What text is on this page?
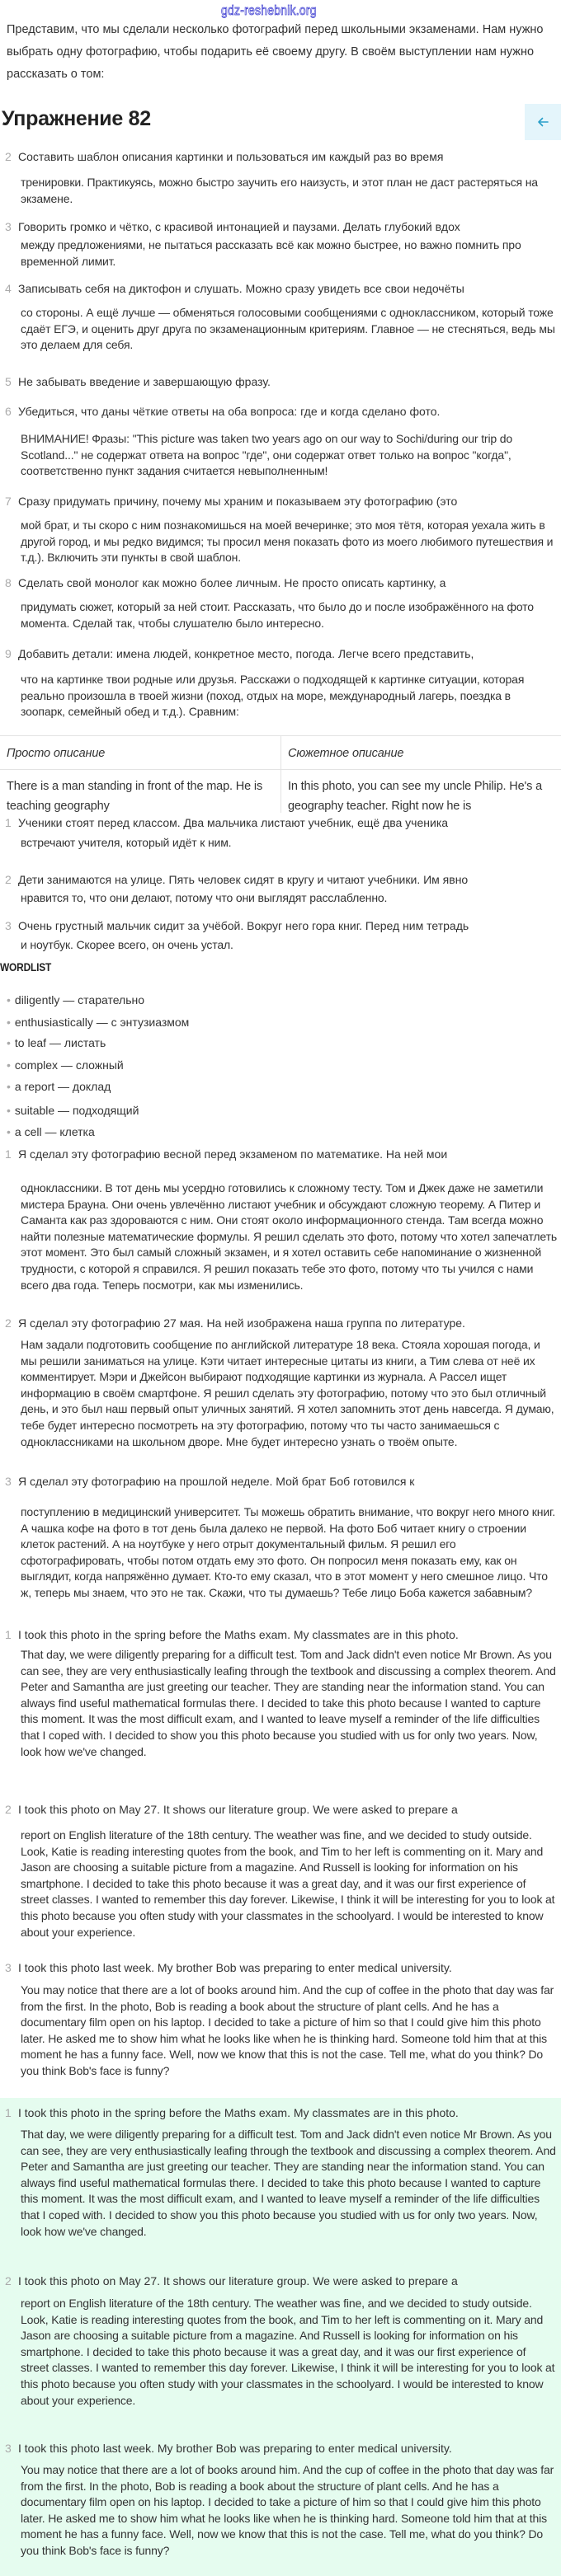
gdz-reshebnik.org
Представим, что мы сделали несколько фотографий перед школьными экзаменами. Нам нужно выбрать одну фотографию, чтобы подарить её своему другу. В своём выступлении нам нужно рассказать о том:
Упражнение 82
2 Составить шаблон описания картинки и пользоваться им каждый раз во время
тренировки. Практикуясь, можно быстро заучить его наизусть, и этот план не даст растеряться на экзамене.
3 Говорить громко и чётко, с красивой интонацией и паузами. Делать глубокий вдох
между предложениями, не пытаться рассказать всё как можно быстрее, но важно помнить про временной лимит.
4 Записывать себя на диктофон и слушать. Можно сразу увидеть все свои недочёты
со стороны. А ещё лучше — обменяться голосовыми сообщениями с одноклассником, который тоже сдаёт ЕГЭ, и оценить друг друга по экзаменационным критериям. Главное — не стесняться, ведь мы это делаем для себя.
5 Не забывать введение и завершающую фразу.
6 Убедиться, что даны чёткие ответы на оба вопроса: где и когда сделано фото.
ВНИМАНИЕ! Фразы: "This picture was taken two years ago on our way to Sochi/during our trip do Scotland..." не содержат ответа на вопрос "где", они содержат ответ только на вопрос "когда", соответственно пункт задания считается невыполненным!
7 Сразу придумать причину, почему мы храним и показываем эту фотографию (это
мой брат, и ты скоро с ним познакомишься на моей вечеринке; это моя тётя, которая уехала жить в другой город, и мы редко видимся; ты просил меня показать фото из моего любимого путешествия и т.д.). Включить эти пункты в свой шаблон.
8 Сделать свой монолог как можно более личным. Не просто описать картинку, а
придумать сюжет, который за ней стоит. Рассказать, что было до и после изображённого на фото момента. Сделай так, чтобы слушателю было интересно.
9 Добавить детали: имена людей, конкретное место, погода. Легче всего представить,
что на картинке твои родные или друзья. Расскажи о подходящей к картинке ситуации, которая реально произошла в твоей жизни (поход, отдых на море, международный лагерь, поездка в зоопарк, семейный обед и т.д.). Сравним:
Просто описание	Сюжетное описание
There is a man standing in front of the map. He is teaching geography
In this photo, you can see my uncle Philip. He's a geography teacher. Right now he is
1 Ученики стоят перед классом. Два мальчика листают учебник, ещё два ученика
встречают учителя, который идёт к ним.
2 Дети занимаются на улице. Пять человек сидят в кругу и читают учебники. Им явно
нравится то, что они делают, потому что они выглядят расслабленно.
3 Очень грустный мальчик сидит за учёбой. Вокруг него гора книг. Перед ним тетрадь
и ноутбук. Скорее всего, он очень устал.
WORDLIST
• diligently — старательно
• enthusiastically — с энтузиазмом
• to leaf — листать
• complex — сложный
• a report — доклад
• suitable — подходящий
• a cell — клетка
1 Я сделал эту фотографию весной перед экзаменом по математике. На ней мои
одноклассники. В тот день мы усердно готовились к сложному тесту. Том и Джек даже не заметили мистера Брауна. Они очень увлечённо листают учебник и обсуждают сложную теорему. А Питер и Саманта как раз здороваются с ним. Они стоят около информационного стенда. Там всегда можно найти полезные математические формулы. Я решил сделать это фото, потому что хотел запечатлеть этот момент. Это был самый сложный экзамен, и я хотел оставить себе напоминание о жизненной трудности, с которой я справился. Я решил показать тебе это фото, потому что ты учился с нами всего два года. Теперь посмотри, как мы изменились.
2 Я сделал эту фотографию 27 мая. На ней изображена наша группа по литературе.
Нам задали подготовить сообщение по английской литературе 18 века. Стояла хорошая погода, и мы решили заниматься на улице. Кэти читает интересные цитаты из книги, а Тим слева от неё их комментирует. Мэри и Джейсон выбирают подходящие картинки из журнала. А Рассел ищет информацию в своём смартфоне. Я решил сделать эту фотографию, потому что это был отличный день, и это был наш первый опыт уличных занятий. Я хотел запомнить этот день навсегда. Я думаю, тебе будет интересно посмотреть на эту фотографию, потому что ты часто занимаешься с одноклассниками на школьном дворе. Мне будет интересно узнать о твоём опыте.
3 Я сделал эту фотографию на прошлой неделе. Мой брат Боб готовился к
поступлению в медицинский университет. Ты можешь обратить внимание, что вокруг него много книг. А чашка кофе на фото в тот день была далеко не первой. На фото Боб читает книгу о строении клеток растений. А на ноутбуке у него отрыт документальный фильм. Я решил его сфотографировать, чтобы потом отдать ему это фото. Он попросил меня показать ему, как он выглядит, когда напряжённо думает. Кто-то ему сказал, что в этот момент у него смешное лицо. Что ж, теперь мы знаем, что это не так. Скажи, что ты думаешь? Тебе лицо Боба кажется забавным?
1 I took this photo in the spring before the Maths exam. My classmates are in this photo.
That day, we were diligently preparing for a difficult test. Tom and Jack didn't even notice Mr Brown. As you can see, they are very enthusiastically leafing through the textbook and discussing a complex theorem. And Peter and Samantha are just greeting our teacher. They are standing near the information stand. You can always find useful mathematical formulas there. I decided to take this photo because I wanted to capture this moment. It was the most difficult exam, and I wanted to leave myself a reminder of the life difficulties that I coped with. I decided to show you this photo because you studied with us for only two years. Now, look how we've changed.
2 I took this photo on May 27. It shows our literature group. We were asked to prepare a
report on English literature of the 18th century. The weather was fine, and we decided to study outside. Look, Katie is reading interesting quotes from the book, and Tim to her left is commenting on it. Mary and Jason are choosing a suitable picture from a magazine. And Russell is looking for information on his smartphone. I decided to take this photo because it was a great day, and it was our first experience of street classes. I wanted to remember this day forever. Likewise, I think it will be interesting for you to look at this photo because you often study with your classmates in the schoolyard. I would be interested to know about your experience.
3 I took this photo last week. My brother Bob was preparing to enter medical university.
You may notice that there are a lot of books around him. And the cup of coffee in the photo that day was far from the first. In the photo, Bob is reading a book about the structure of plant cells. And he has a documentary film open on his laptop. I decided to take a picture of him so that I could give him this photo later. He asked me to show him what he looks like when he is thinking hard. Someone told him that at this moment he has a funny face. Well, now we know that this is not the case. Tell me, what do you think? Do you think Bob's face is funny?
1 I took this photo in the spring before the Maths exam. My classmates are in this photo.
That day, we were diligently preparing for a difficult test. Tom and Jack didn't even notice Mr Brown. As you can see, they are very enthusiastically leafing through the textbook and discussing a complex theorem. And Peter and Samantha are just greeting our teacher. They are standing near the information stand. You can always find useful mathematical formulas there. I decided to take this photo because I wanted to capture this moment. It was the most difficult exam, and I wanted to leave myself a reminder of the life difficulties that I coped with. I decided to show you this photo because you studied with us for only two years. Now, look how we've changed.
2 I took this photo on May 27. It shows our literature group. We were asked to prepare a
report on English literature of the 18th century. The weather was fine, and we decided to study outside. Look, Katie is reading interesting quotes from the book, and Tim to her left is commenting on it. Mary and Jason are choosing a suitable picture from a magazine. And Russell is looking for information on his smartphone. I decided to take this photo because it was a great day, and it was our first experience of street classes. I wanted to remember this day forever. Likewise, I think it will be interesting for you to look at this photo because you often study with your classmates in the schoolyard. I would be interested to know about your experience.
3 I took this photo last week. My brother Bob was preparing to enter medical university.
You may notice that there are a lot of books around him. And the cup of coffee in the photo that day was far from the first. In the photo, Bob is reading a book about the structure of plant cells. And he has a documentary film open on his laptop. I decided to take a picture of him so that I could give him this photo later. He asked me to show him what he looks like when he is thinking hard. Someone told him that at this moment he has a funny face. Well, now we know that this is not the case. Tell me, what do you think? Do you think Bob's face is funny?
